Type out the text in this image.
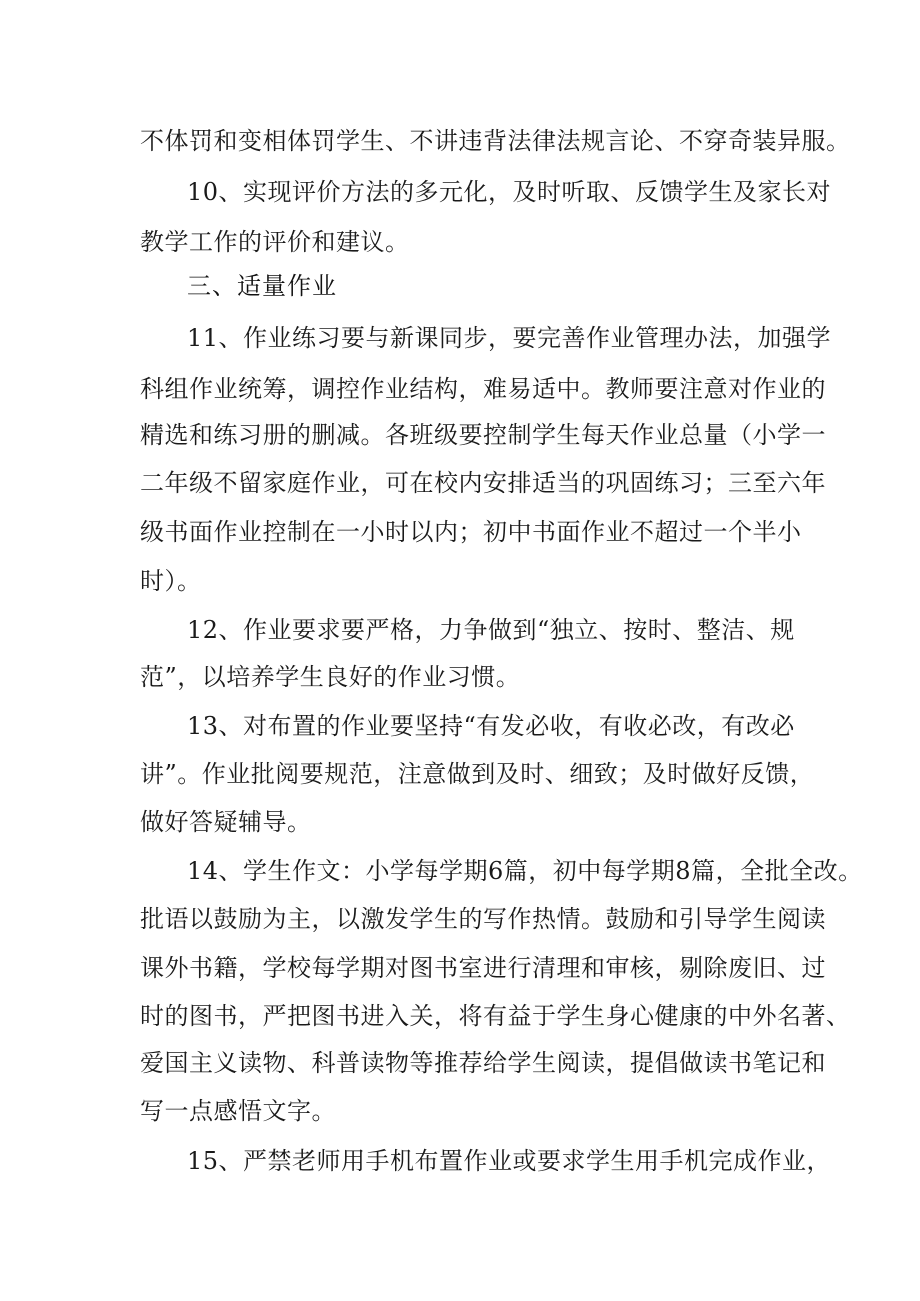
不体罚和变相体罚学生、不讲违背法律法规言论、不穿奇装异服。
10、实现评价方法的多元化，及时听取、反馈学生及家长对
教学工作的评价和建议。
三、适量作业
11、作业练习要与新课同步，要完善作业管理办法，加强学
科组作业统筹，调控作业结构，难易适中。教师要注意对作业的
精选和练习册的删减。各班级要控制学生每天作业总量（小学一
二年级不留家庭作业，可在校内安排适当的巩固练习；三至六年
级书面作业控制在一小时以内；初中书面作业不超过一个半小
时）。
12、作业要求要严格，力争做到“独立、按时、整洁、规
范”，以培养学生良好的作业习惯。
13、对布置的作业要坚持“有发必收，有收必改，有改必
讲”。作业批阅要规范，注意做到及时、细致；及时做好反馈，
做好答疑辅导。
14、学生作文：小学每学期6篇，初中每学期8篇，全批全改。
批语以鼓励为主，以激发学生的写作热情。鼓励和引导学生阅读
课外书籍，学校每学期对图书室进行清理和审核，剔除废旧、过
时的图书，严把图书进入关，将有益于学生身心健康的中外名著、
爱国主义读物、科普读物等推荐给学生阅读，提倡做读书笔记和
写一点感悟文字。
15、严禁老师用手机布置作业或要求学生用手机完成作业，
